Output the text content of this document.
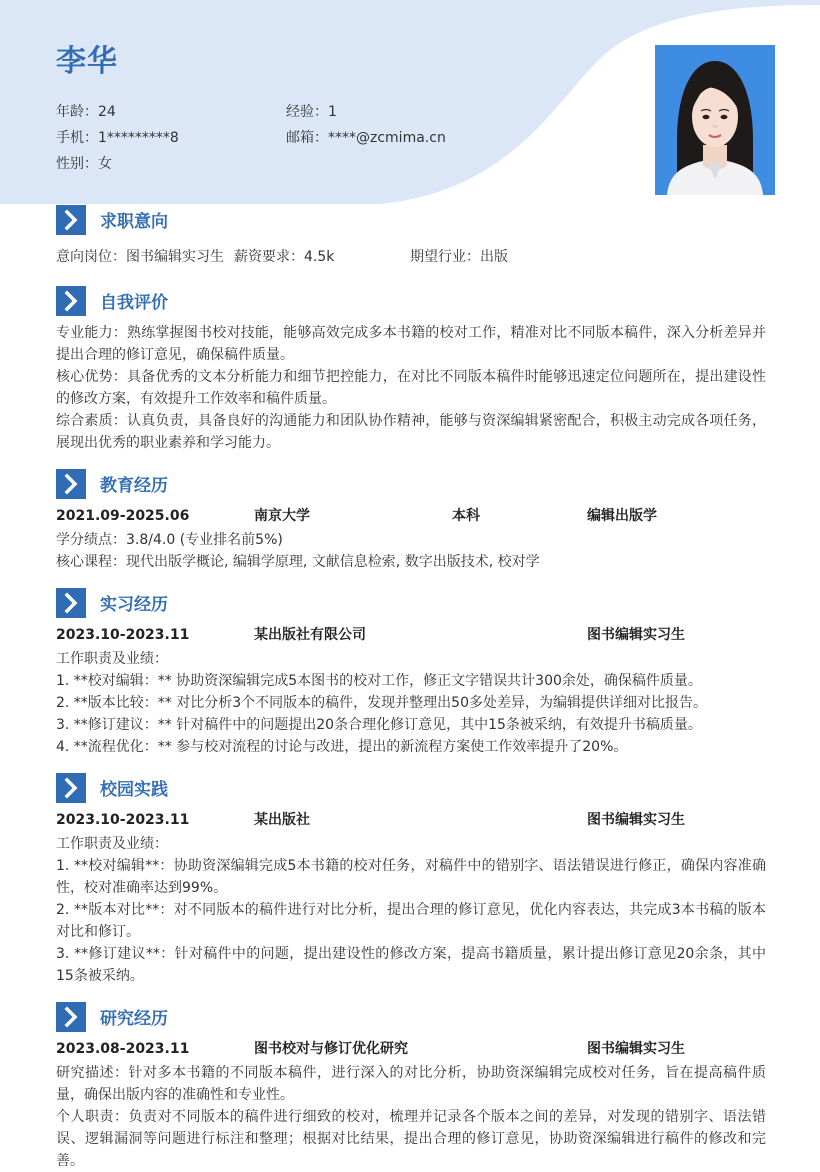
李华
年龄 ： 24	经验 ： 1
手机 ： 1*********8	邮箱 ： ****@zcmima.cn
性别 ： 女
求职意向
意向岗位：图书编辑实习生 薪资要求：4.5k	期望行业：出版
自我评价

专业能力：熟练掌握图书校对技能，能够高效完成多本书籍的校对工作，精准对比不同版本稿件，深入分析差异并提出合理的修订意见，确保稿件质量。

核心优势：具备优秀的文本分析能力和细节把控能力，在对比不同版本稿件时能够迅速定位问题所在，提出建设性的修改方案，有效提升工作效率和稿件质量。

综合素质：认真负责，具备良好的沟通能力和团队协作精神，能够与资深编辑紧密配合，积极主动完成各项任务，展现出优秀的职业素养和学习能力。

教育经历
2021.09-2025.06	南京大学	本科	编辑出版学

学分绩点：3.8/4.0 (专业排名前5%)

核心课程：现代出版学概论, 编辑学原理, 文献信息检索, 数字出版技术, 校对学

实习经历
2023.10-2023.11	某出版社有限公司	图书编辑实习生

工作职责及业绩：

1. **校对编辑：** 协助资深编辑完成5本图书的校对工作，修正文字错误共计300余处，确保稿件质量。

2. **版本比较：** 对比分析3个不同版本的稿件，发现并整理出50多处差异，为编辑提供详细对比报告。

3. **修订建议：** 针对稿件中的问题提出20条合理化修订意见，其中15条被采纳，有效提升书稿质量。

4. **流程优化：** 参与校对流程的讨论与改进，提出的新流程方案使工作效率提升了20%。

校园实践
2023.10-2023.11	某出版社	图书编辑实习生

工作职责及业绩：

1. **校对编辑**：协助资深编辑完成5本书籍的校对任务，对稿件中的错别字、语法错误进行修正，确保内容准确性，校对准确率达到99%。

2. **版本对比**：对不同版本的稿件进行对比分析，提出合理的修订意见，优化内容表达，共完成3本书稿的版本对比和修订。

3. **修订建议**：针对稿件中的问题，提出建设性的修改方案，提高书籍质量，累计提出修订意见20余条，其中15条被采纳。

研究经历
2023.08-2023.11	图书校对与修订优化研究	图书编辑实习生

研究描述：针对多本书籍的不同版本稿件，进行深入的对比分析，协助资深编辑完成校对任务，旨在提高稿件质量，确保出版内容的准确性和专业性。

个人职责：负责对不同版本的稿件进行细致的校对，梳理并记录各个版本之间的差异，对发现的错别字、语法错误、逻辑漏洞等问题进行标注和整理；根据对比结果，提出合理的修订意见，协助资深编辑进行稿件的修改和完善。
